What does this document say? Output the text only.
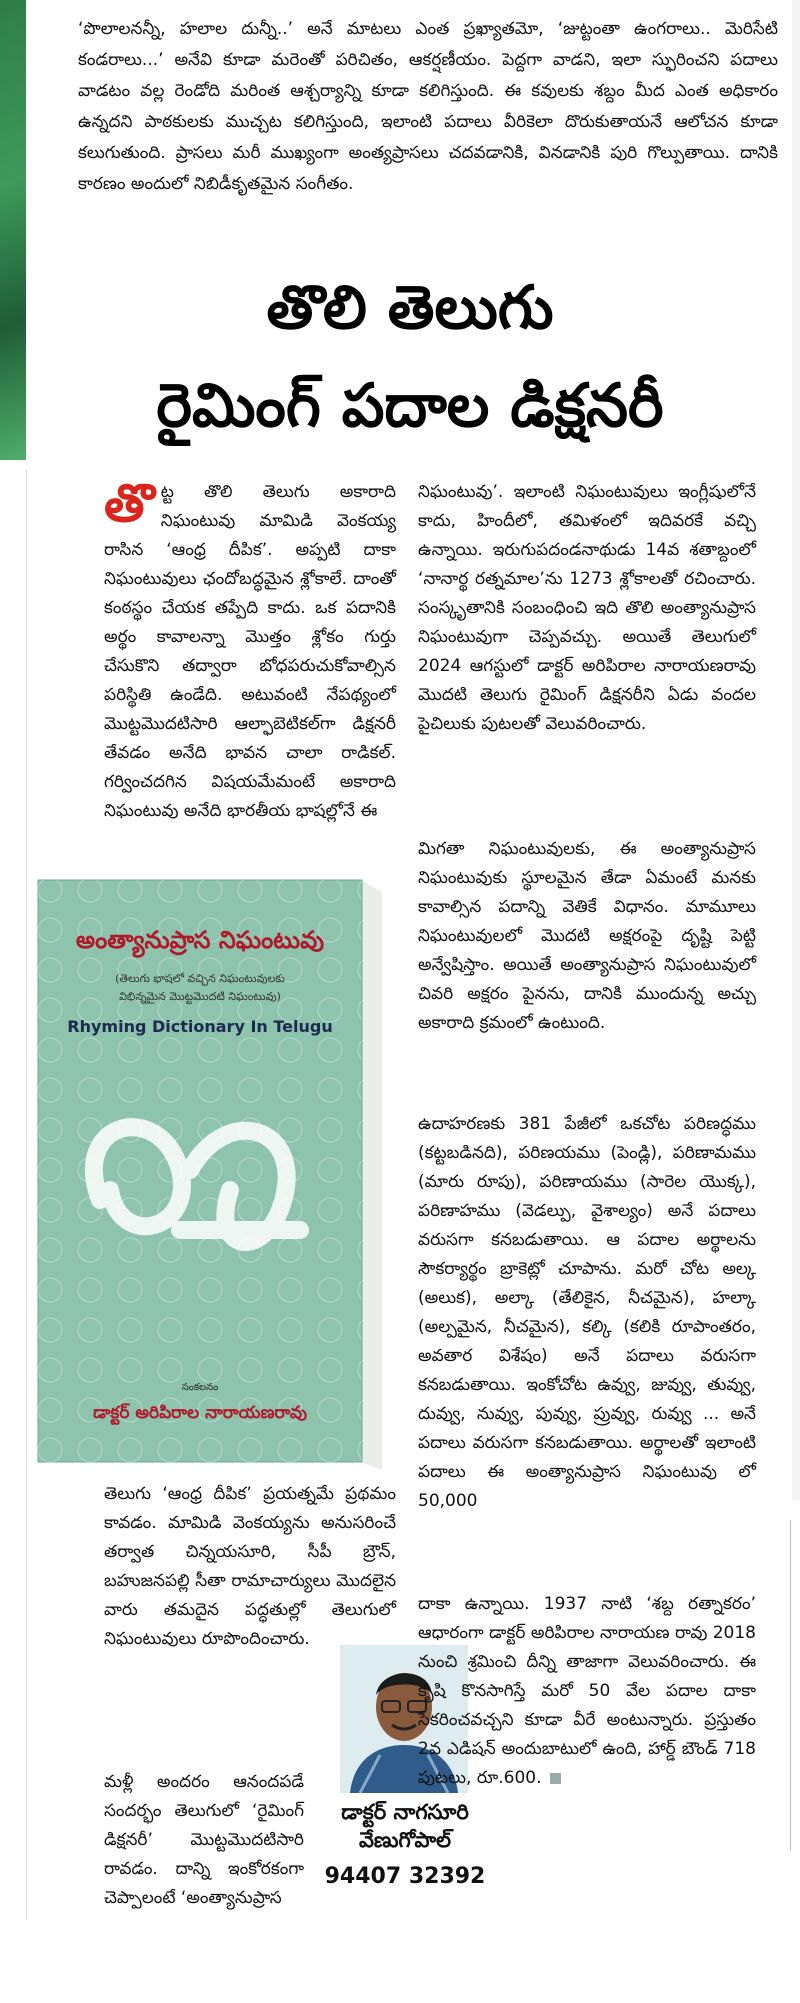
‘పొలాలనన్నీ, హలాల దున్నీ..’ అనే మాటలు ఎంత ప్రఖ్యాతమో, ‘జుట్టంతా ఉంగరాలు.. మెరిసేటి కండరాలు...’ అనేవి కూడా మరెంతో పరిచితం, ఆకర్షణీయం. పెద్దగా వాడని, ఇలా స్ఫురించని పదాలు వాడటం వల్ల రెండోది మరింత ఆశ్చర్యాన్ని కూడా కలిగిస్తుంది. ఈ కవులకు శబ్దం మీద ఎంత అధికారం ఉన్నదని పాఠకులకు ముచ్చట కలిగిస్తుంది, ఇలాంటి పదాలు వీరికెలా దొరుకుతాయనే ఆలోచన కూడా కలుగుతుంది. ప్రాసలు మరీ ముఖ్యంగా అంత్యప్రాసలు చదవడానికి, వినడానికి పురి గొల్పుతాయి. దానికి కారణం అందులో నిబిడీకృతమైన సంగీతం.
తొలి తెలుగు
రైమింగ్ పదాల డిక్షనరీ
తొ ట్ట తొలి తెలుగు అకారాది నిఘంటువు మామిడి వెంకయ్య రాసిన ‘ఆంధ్ర దీపిక’. అప్పటి దాకా నిఘంటువులు ఛందోబద్ధమైన శ్లోకాలే. దాంతో కంఠస్థం చేయక తప్పేది కాదు. ఒక పదానికి అర్థం కావాలన్నా మొత్తం శ్లోకం గుర్తు చేసుకొని తద్వారా బోధపరుచుకోవాల్సిన పరిస్థితి ఉండేది. అటువంటి నేపథ్యంలో మొట్టమొదటిసారి ఆల్ఫాబెటికల్‌గా డిక్షనరీ తేవడం అనేది భావన చాలా రాడికల్. గర్వించదగిన విషయమేమంటే అకారాది నిఘంటువు అనేది భారతీయ భాషల్లోనే ఈ
నిఘంటువు’. ఇలాంటి నిఘంటువులు ఇంగ్లీషులోనే కాదు, హిందీలో, తమిళంలో ఇదివరకే వచ్చి ఉన్నాయి. ఇరుగుపదండనాథుడు 14వ శతాబ్దంలో ‘నానార్థ రత్నమాల’ను 1273 శ్లోకాలతో రచించారు. సంస్కృతానికి సంబంధించి ఇది తొలి అంత్యానుప్రాస నిఘంటువుగా చెప్పవచ్చు. అయితే తెలుగులో 2024 ఆగస్టులో డాక్టర్ అరిపిరాల నారాయణరావు మొదటి తెలుగు రైమింగ్ డిక్షనరీని ఏడు వందల పైచిలుకు పుటలతో వెలువరించారు.
మిగతా నిఘంటువులకు, ఈ అంత్యానుప్రాస నిఘంటువుకు స్థూలమైన తేడా ఏమంటే మనకు కావాల్సిన పదాన్ని వెతికే విధానం. మామూలు నిఘంటువులలో మొదటి అక్షరంపై దృష్టి పెట్టి అన్వేషిస్తాం. అయితే అంత్యానుప్రాస నిఘంటువులో చివరి అక్షరం పైనను, దానికి ముందున్న అచ్చు అకారాది క్రమంలో ఉంటుంది.
ఉదాహరణకు 381 పేజీలో ఒకచోట పరిణద్ధము (కట్టబడినది), పరిణయము (పెండ్లి), పరిణామము (మారు రూపు), పరిణాయము (సారెల యొక్క), పరిణాహము (వెడల్పు, వైశాల్యం) అనే పదాలు వరుసగా కనబడుతాయి. ఆ పదాల అర్థాలను సౌకర్యార్థం బ్రాకెట్లో చూపాను. మరో చోట అల్క (అలుక), అల్కా (తేలికైన, నీచమైన), హల్కా (అల్పమైన, నీచమైన), కల్కి (కలికి రూపాంతరం, అవతార విశేషం) అనే పదాలు వరుసగా కనబడుతాయి. ఇంకోచోట ఉవ్వు, జువ్వు, తువ్వు, దువ్వు, నువ్వు, పువ్వు, ప్రువ్వు, రువ్వు ... అనే పదాలు వరుసగా కనబడుతాయి. అర్థాలతో ఇలాంటి పదాలు ఈ అంత్యానుప్రాస నిఘంటువు లో 50,000
అంత్యానుప్రాస నిఘంటువు
(తెలుగు భాషలో వచ్చిన నిఘంటువులకు
విభిన్నమైన మొట్టమొదటి నిఘంటువు)
Rhyming Dictionary In Telugu
సంకలనం
డాక్టర్ అరిపిరాల నారాయణరావు
తెలుగు ‘ఆంధ్ర దీపిక’ ప్రయత్నమే ప్రథమం కావడం. మామిడి వెంకయ్యను అనుసరించే తర్వాత చిన్నయసూరి, సీపీ బ్రౌన్, బహుజనపల్లి సీతా రామాచార్యులు మొదలైన వారు తమదైన పద్ధతుల్లో తెలుగులో నిఘంటువులు రూపొందించారు.
మళ్లీ అందరం ఆనందపడే సందర్భం తెలుగులో ‘రైమింగ్ డిక్షనరీ’ మొట్టమొదటిసారి రావడం. దాన్ని ఇంకోరకంగా చెప్పాలంటే ‘అంత్యానుప్రాస
డాక్టర్ నాగసూరి
వేణుగోపాల్
94407 32392
దాకా ఉన్నాయి. 1937 నాటి ‘శబ్ద రత్నాకరం’ ఆధారంగా డాక్టర్ అరిపిరాల నారాయణ రావు 2018 నుంచి శ్రమించి దీన్ని తాజాగా వెలువరించారు. ఈ కృషి కొనసాగిస్తే మరో 50 వేల పదాల దాకా సేకరించవచ్చని కూడా వీరే అంటున్నారు. ప్రస్తుతం 2వ ఎడిషన్ అందుబాటులో ఉంది, హార్డ్ బౌండ్ 718 పుటలు, రూ.600.
